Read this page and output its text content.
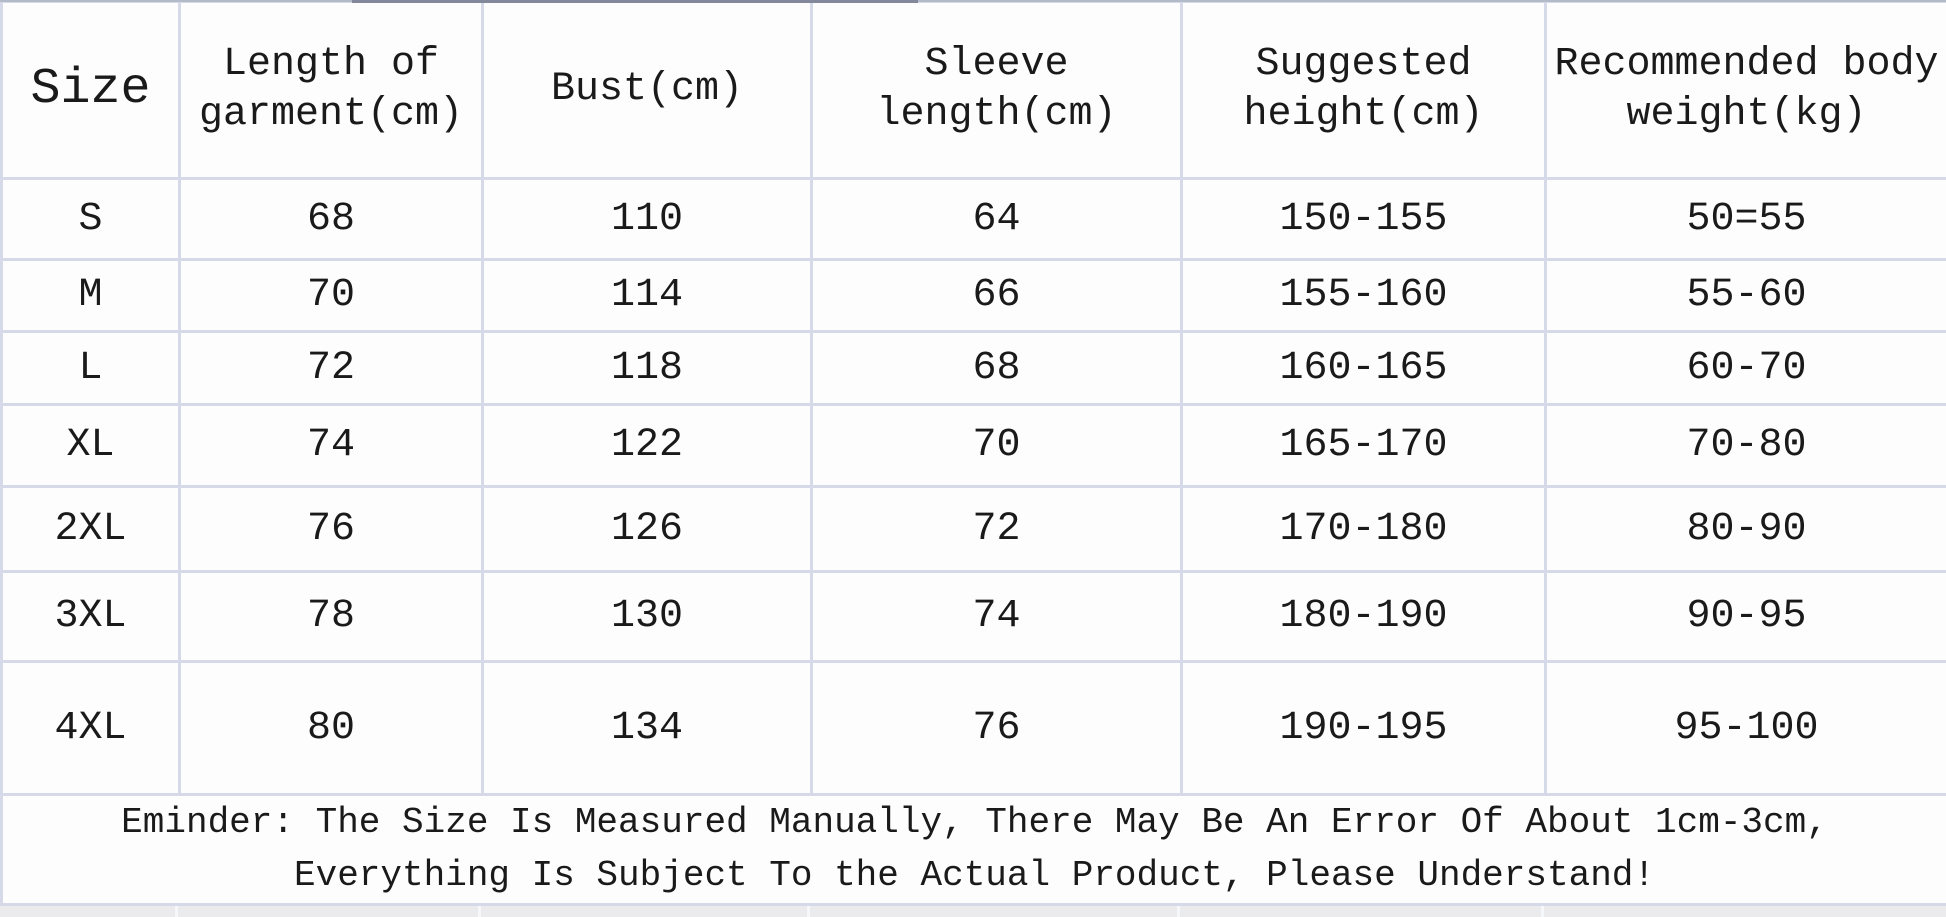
Size	Length of garment(cm)	Bust(cm)	Sleeve length(cm)	Suggested height(cm)	Recommended body weight(kg)
S	68	110	64	150-155	50=55
M	70	114	66	155-160	55-60
L	72	118	68	160-165	60-70
XL	74	122	70	165-170	70-80
2XL	76	126	72	170-180	80-90
3XL	78	130	74	180-190	90-95
4XL	80	134	76	190-195	95-100

Eminder: The Size Is Measured Manually, There May Be An Error Of About 1cm-3cm,
Everything Is Subject To the Actual Product, Please Understand!					
